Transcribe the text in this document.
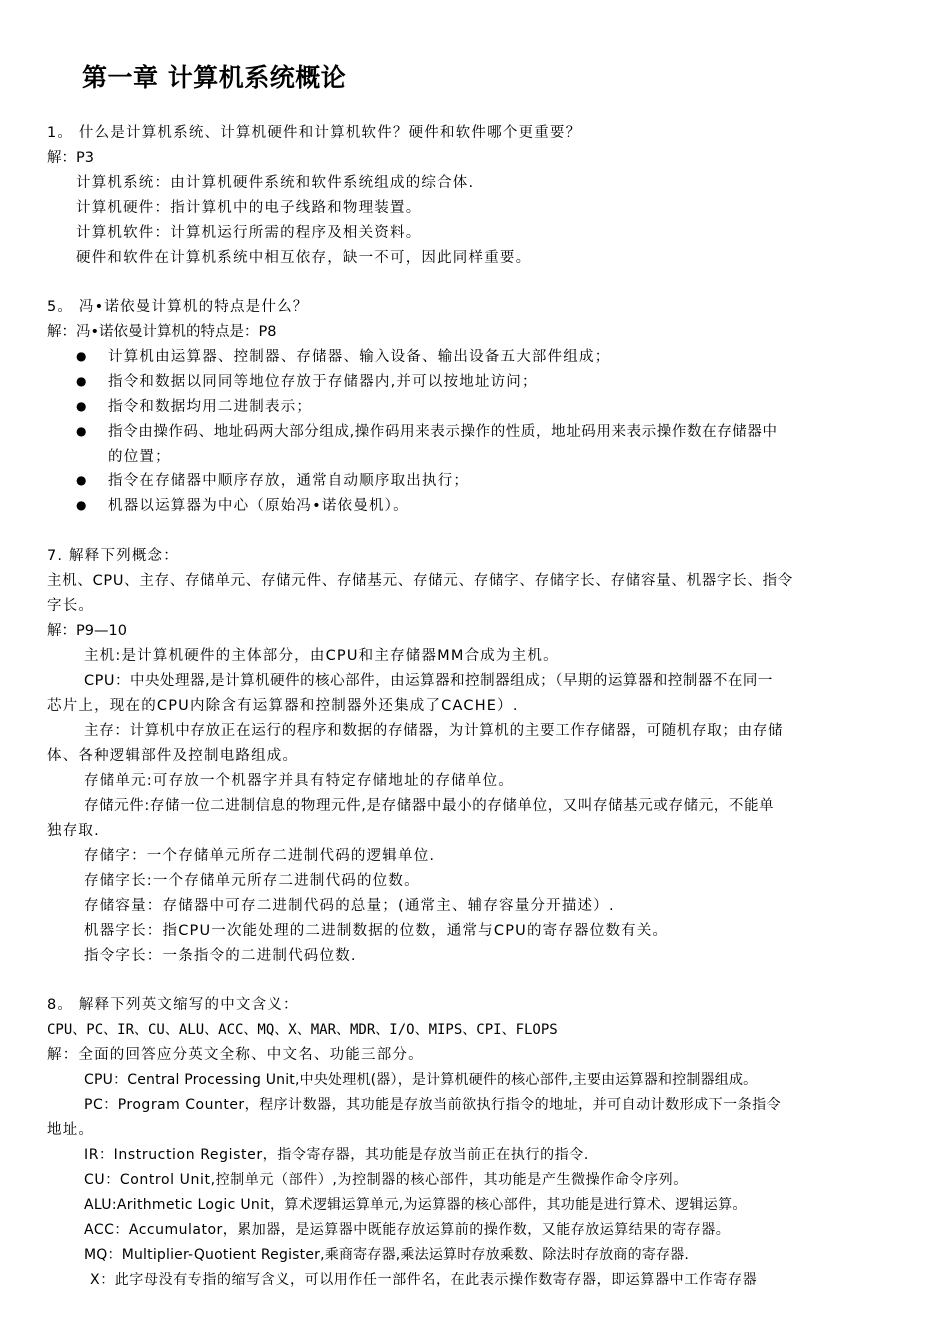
第一章 计算机系统概论
1。 什么是计算机系统、计算机硬件和计算机软件？硬件和软件哪个更重要？
解：P3
计算机系统：由计算机硬件系统和软件系统组成的综合体.
计算机硬件：指计算机中的电子线路和物理装置。
计算机软件：计算机运行所需的程序及相关资料。
硬件和软件在计算机系统中相互依存，缺一不可，因此同样重要。
5。 冯•诺依曼计算机的特点是什么？
解：冯•诺依曼计算机的特点是：P8
● 计算机由运算器、控制器、存储器、输入设备、输出设备五大部件组成；
● 指令和数据以同同等地位存放于存储器内,并可以按地址访问；
● 指令和数据均用二进制表示；
● 指令由操作码、地址码两大部分组成,操作码用来表示操作的性质，地址码用来表示操作数在存储器中
的位置；
● 指令在存储器中顺序存放，通常自动顺序取出执行；
● 机器以运算器为中心（原始冯•诺依曼机）。
7. 解释下列概念：
主机、CPU、主存、存储单元、存储元件、存储基元、存储元、存储字、存储字长、存储容量、机器字长、指令
字长。
解：P9—10
主机:是计算机硬件的主体部分，由CPU和主存储器MM合成为主机。
CPU：中央处理器,是计算机硬件的核心部件，由运算器和控制器组成；（早期的运算器和控制器不在同一
芯片上，现在的CPU内除含有运算器和控制器外还集成了CACHE）.
主存：计算机中存放正在运行的程序和数据的存储器，为计算机的主要工作存储器，可随机存取；由存储
体、各种逻辑部件及控制电路组成。
存储单元:可存放一个机器字并具有特定存储地址的存储单位。
存储元件:存储一位二进制信息的物理元件,是存储器中最小的存储单位，又叫存储基元或存储元，不能单
独存取.
存储字：一个存储单元所存二进制代码的逻辑单位.
存储字长:一个存储单元所存二进制代码的位数。
存储容量：存储器中可存二进制代码的总量；(通常主、辅存容量分开描述）.
机器字长：指CPU一次能处理的二进制数据的位数，通常与CPU的寄存器位数有关。
指令字长：一条指令的二进制代码位数.
8。 解释下列英文缩写的中文含义：
CPU、PC、IR、CU、ALU、ACC、MQ、X、MAR、MDR、I/O、MIPS、CPI、FLOPS
解：全面的回答应分英文全称、中文名、功能三部分。
CPU：Central Processing Unit,中央处理机(器），是计算机硬件的核心部件,主要由运算器和控制器组成。
PC：Program Counter，程序计数器，其功能是存放当前欲执行指令的地址，并可自动计数形成下一条指令
地址。
IR：Instruction Register，指令寄存器，其功能是存放当前正在执行的指令.
CU：Control Unit,控制单元（部件）,为控制器的核心部件，其功能是产生微操作命令序列。
ALU:Arithmetic Logic Unit，算术逻辑运算单元,为运算器的核心部件，其功能是进行算术、逻辑运算。
ACC：Accumulator，累加器，是运算器中既能存放运算前的操作数，又能存放运算结果的寄存器。
MQ：Multiplier-Quotient Register,乘商寄存器,乘法运算时存放乘数、除法时存放商的寄存器.
X：此字母没有专指的缩写含义，可以用作任一部件名，在此表示操作数寄存器，即运算器中工作寄存器
